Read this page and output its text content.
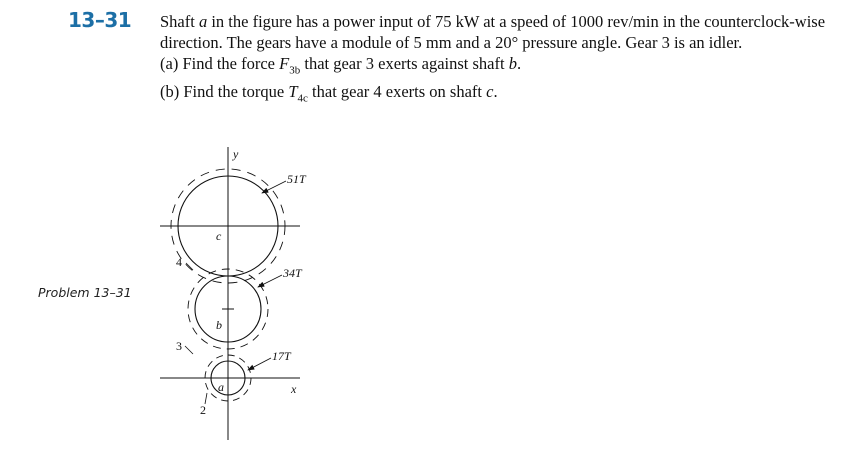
13–31 Shaft a in the figure has a power input of 75 kW at a speed of 1000 rev/min in the counterclock-wise direction. The gears have a module of 5 mm and a 20° pressure angle. Gear 3 is an idler.

(a) Find the force $F_{3b}$ that gear 3 exerts against shaft b.

(b) Find the torque $T_{4c}$ that gear 4 exerts on shaft c.

Problem 13–31
y
x
51T
34T
17T
4
3
2
c
b
a
